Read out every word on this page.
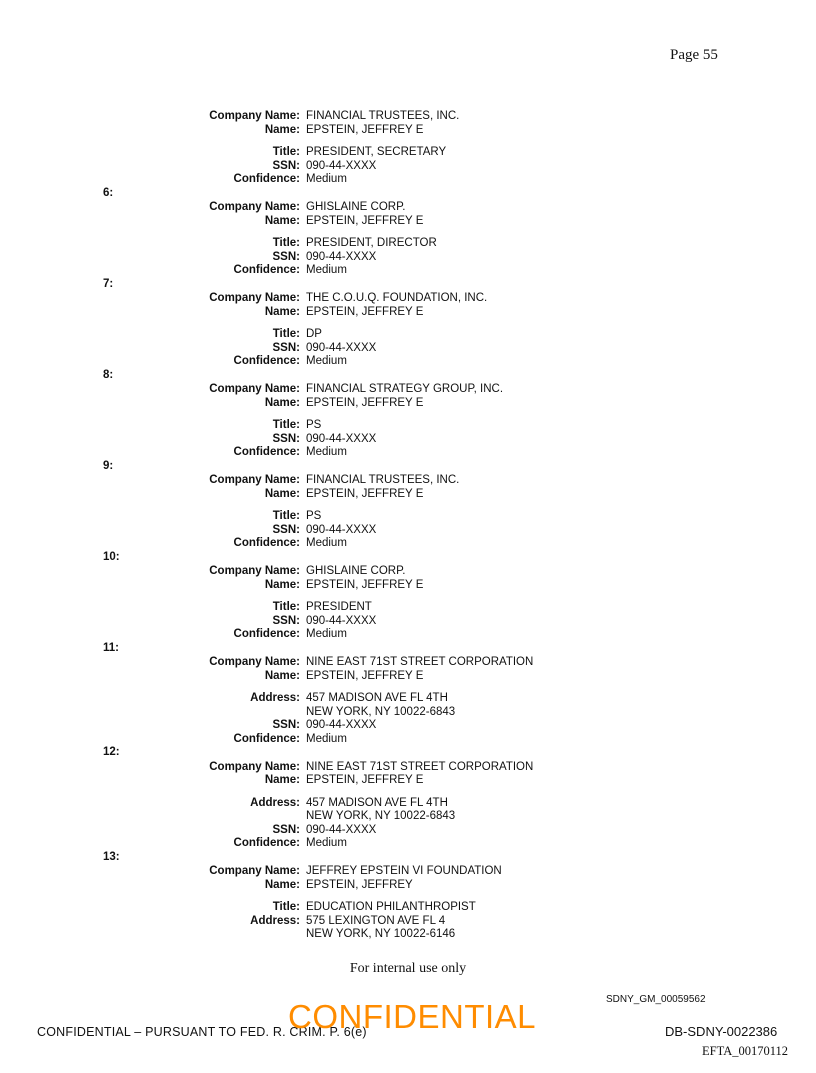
Page 55
Company Name: FINANCIAL TRUSTEES, INC.
Name: EPSTEIN, JEFFREY E
Title: PRESIDENT, SECRETARY
SSN: 090-44-XXXX
Confidence: Medium
6:
Company Name: GHISLAINE CORP.
Name: EPSTEIN, JEFFREY E
Title: PRESIDENT, DIRECTOR
SSN: 090-44-XXXX
Confidence: Medium
7:
Company Name: THE C.O.U.Q. FOUNDATION, INC.
Name: EPSTEIN, JEFFREY E
Title: DP
SSN: 090-44-XXXX
Confidence: Medium
8:
Company Name: FINANCIAL STRATEGY GROUP, INC.
Name: EPSTEIN, JEFFREY E
Title: PS
SSN: 090-44-XXXX
Confidence: Medium
9:
Company Name: FINANCIAL TRUSTEES, INC.
Name: EPSTEIN, JEFFREY E
Title: PS
SSN: 090-44-XXXX
Confidence: Medium
10:
Company Name: GHISLAINE CORP.
Name: EPSTEIN, JEFFREY E
Title: PRESIDENT
SSN: 090-44-XXXX
Confidence: Medium
11:
Company Name: NINE EAST 71ST STREET CORPORATION
Name: EPSTEIN, JEFFREY E
Address: 457 MADISON AVE FL 4TH
NEW YORK, NY 10022-6843
SSN: 090-44-XXXX
Confidence: Medium
12:
Company Name: NINE EAST 71ST STREET CORPORATION
Name: EPSTEIN, JEFFREY E
Address: 457 MADISON AVE FL 4TH
NEW YORK, NY 10022-6843
SSN: 090-44-XXXX
Confidence: Medium
13:
Company Name: JEFFREY EPSTEIN VI FOUNDATION
Name: EPSTEIN, JEFFREY
Title: EDUCATION PHILANTHROPIST
Address: 575 LEXINGTON AVE FL 4
NEW YORK, NY 10022-6146
For internal use only
SDNY_GM_00059562
CONFIDENTIAL – PURSUANT TO FED. R. CRIM. P. 6(e)
CONFIDENTIAL	DB-SDNY-0022386
EFTA_00170112
